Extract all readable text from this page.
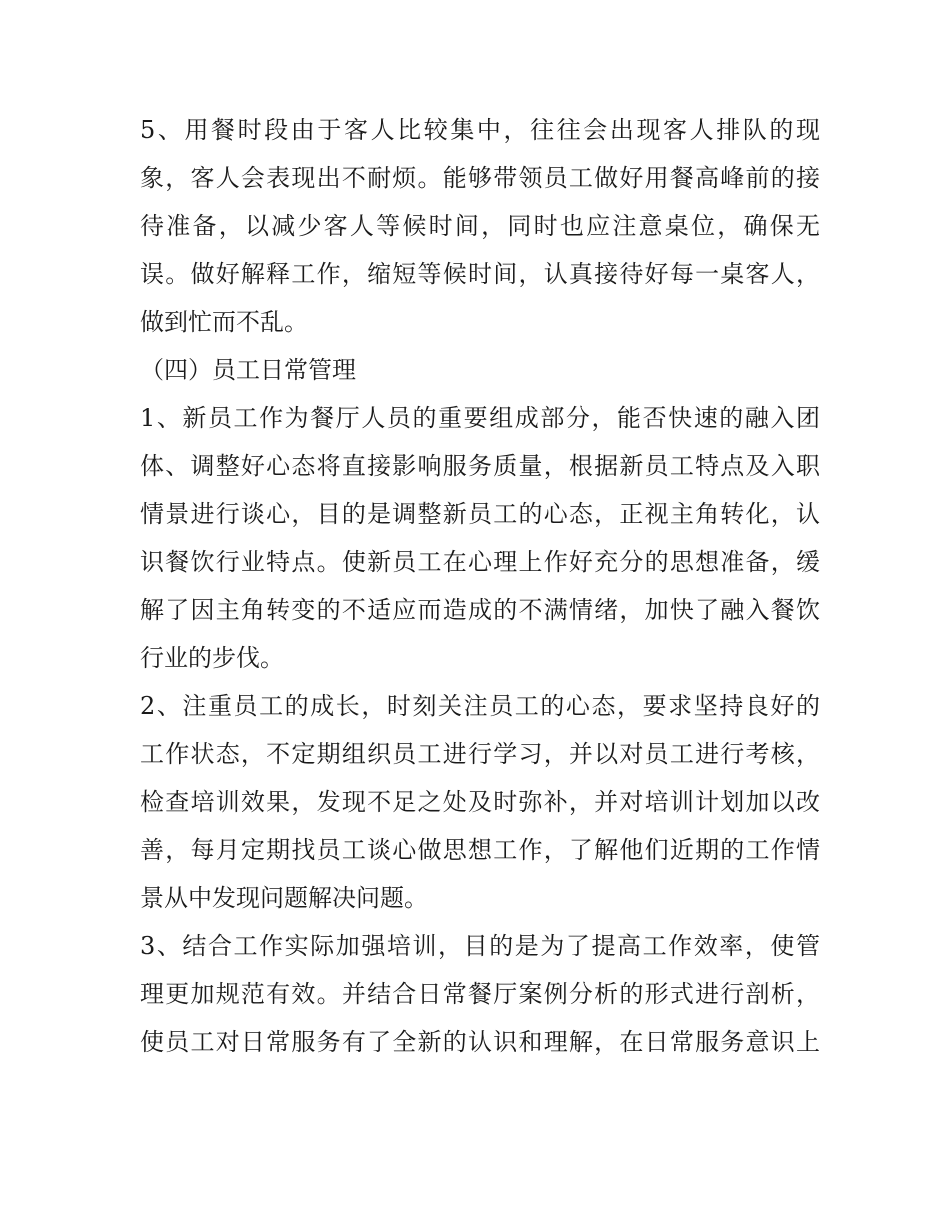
5、用餐时段由于客人比较集中，往往会出现客人排队的现
象，客人会表现出不耐烦。能够带领员工做好用餐高峰前的接
待准备，以减少客人等候时间，同时也应注意桌位，确保无
误。做好解释工作，缩短等候时间，认真接待好每一桌客人，
做到忙而不乱。
（四）员工日常管理
1、新员工作为餐厅人员的重要组成部分，能否快速的融入团
体、调整好心态将直接影响服务质量，根据新员工特点及入职
情景进行谈心，目的是调整新员工的心态，正视主角转化，认
识餐饮行业特点。使新员工在心理上作好充分的思想准备，缓
解了因主角转变的不适应而造成的不满情绪，加快了融入餐饮
行业的步伐。
2、注重员工的成长，时刻关注员工的心态，要求坚持良好的
工作状态，不定期组织员工进行学习，并以对员工进行考核，
检查培训效果，发现不足之处及时弥补，并对培训计划加以改
善，每月定期找员工谈心做思想工作，了解他们近期的工作情
景从中发现问题解决问题。
3、结合工作实际加强培训，目的是为了提高工作效率，使管
理更加规范有效。并结合日常餐厅案例分析的形式进行剖析，
使员工对日常服务有了全新的认识和理解，在日常服务意识上
